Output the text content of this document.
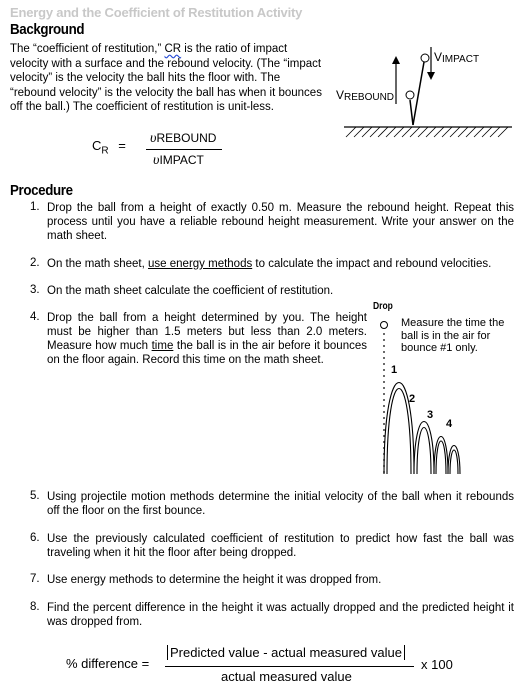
Energy and the Coefficient of Restitution Activity
Background
The “coefficient of restitution,” CR is the ratio of impact velocity with a surface and the rebound velocity. (The “impact velocity” is the velocity the ball hits the floor with. The “rebound velocity” is the velocity the ball has when it bounces off the ball.) The coefficient of restitution is unit-less.
VIMPACT
VREBOUND
$C_R$ = υREBOUND
υIMPACT
Procedure
1. Drop the ball from a height of exactly 0.50 m. Measure the rebound height. Repeat this process until you have a reliable rebound height measurement. Write your answer on the math sheet.
2. On the math sheet, use energy methods to calculate the impact and rebound velocities.
3. On the math sheet calculate the coefficient of restitution.
4. Drop the ball from a height determined by you. The height must be higher than 1.5 meters but less than 2.0 meters. Measure how much time the ball is in the air before it bounces on the floor again. Record this time on the math sheet.
Drop
Measure the time the ball is in the air for bounce #1 only.
1
2
3
4
5. Using projectile motion methods determine the initial velocity of the ball when it rebounds off the floor on the first bounce.
6. Use the previously calculated coefficient of restitution to predict how fast the ball was traveling when it hit the floor after being dropped.
7. Use energy methods to determine the height it was dropped from.
8. Find the percent difference in the height it was actually dropped and the predicted height it was dropped from.
% difference =
Predicted value - actual measured value
actual measured value
x 100
